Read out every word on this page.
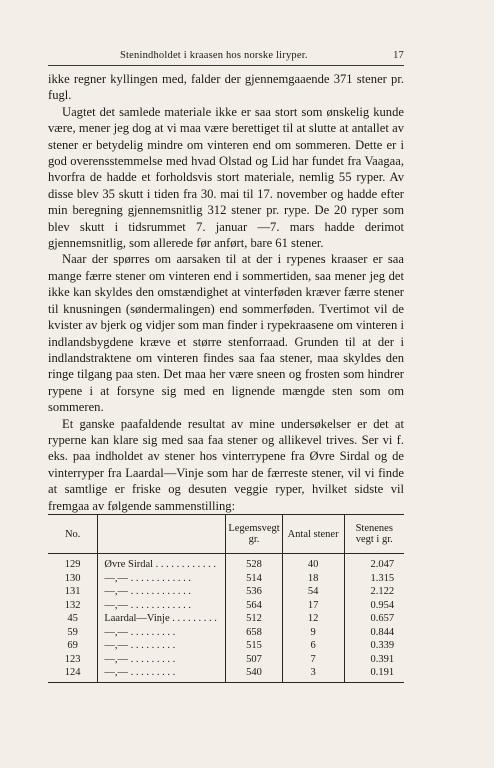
Stenindholdet i kraasen hos norske liryper.	17

ikke regner kyllingen med, falder der gjennemgaaende 371 stener pr. fugl.

Uagtet det samlede materiale ikke er saa stort som ønskelig kunde være, mener jeg dog at vi maa være berettiget til at slutte at antallet av stener er betydelig mindre om vinteren end om sommeren. Dette er i god overensstemmelse med hvad Olstad og Lid har fundet fra Vaagaa, hvorfra de hadde et forholdsvis stort materiale, nemlig 55 ryper. Av disse blev 35 skutt i tiden fra 30. mai til 17. november og hadde efter min beregning gjennemsnitlig 312 stener pr. rype. De 20 ryper som blev skutt i tidsrummet 7. januar —7. mars hadde derimot gjennemsnitlig, som allerede før anført, bare 61 stener.

Naar der spørres om aarsaken til at der i rypenes kraaser er saa mange færre stener om vinteren end i sommertiden, saa mener jeg det ikke kan skyldes den omstændighet at vinterføden kræver færre stener til knusningen (søndermalingen) end sommerføden. Tvertimot vil de kvister av bjerk og vidjer som man finder i rypekraasene om vinteren i indlandsbygdene kræve et større stenforraad. Grunden til at der i indlandstraktene om vinteren findes saa faa stener, maa skyldes den ringe tilgang paa sten. Det maa her være sneen og frosten som hindrer rypene i at forsyne sig med en lignende mængde sten som om sommeren.

Et ganske paafaldende resultat av mine undersøkelser er det at ryperne kan klare sig med saa faa stener og allikevel trives. Ser vi f. eks. paa indholdet av stener hos vinterrypene fra Øvre Sirdal og de vinterryper fra Laardal—Vinje som har de færreste stener, vil vi finde at samtlige er friske og desuten veggie ryper, hvilket sidste vil fremgaa av følgende sammenstilling:

No.		Legemsvegt gr.	Antal stener	Stenenes vegt i gr.
129	Øvre Sirdal . . . . . . . . . . . .	528	40	2.047
130	—,— . . . . . . . . . . . .	514	18	1.315
131	—,— . . . . . . . . . . . .	536	54	2.122
132	—,— . . . . . . . . . . . .	564	17	0.954
45	Laardal—Vinje . . . . . . . . .	512	12	0.657
59	—,— . . . . . . . . .	658	9	0.844
69	—,— . . . . . . . . .	515	6	0.339
123	—,— . . . . . . . . .	507	7	0.391
124	—,— . . . . . . . . .	540	3	0.191
